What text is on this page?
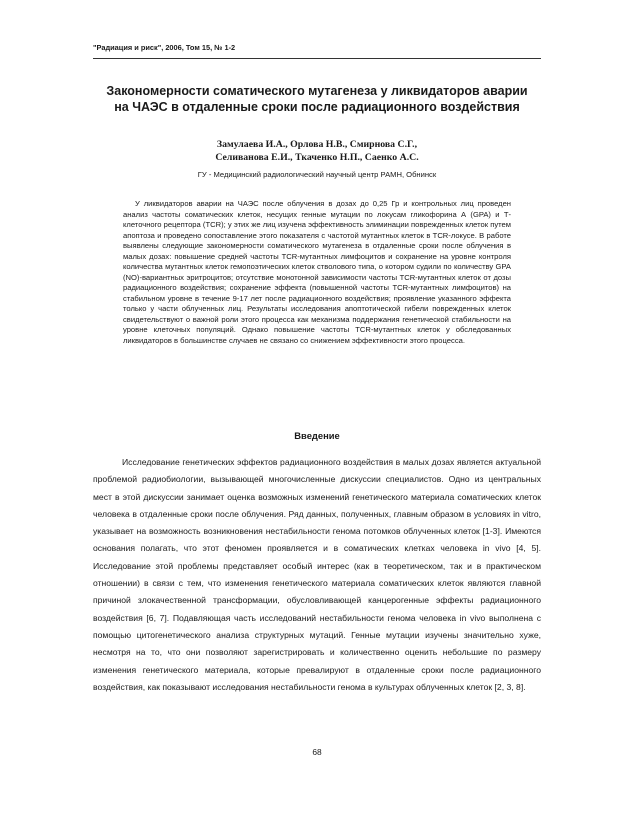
"Радиация и риск", 2006, Том 15, № 1-2
Закономерности соматического мутагенеза у ликвидаторов аварии
на ЧАЭС в отдаленные сроки после радиационного воздействия
Замулаева И.А., Орлова Н.В., Смирнова С.Г.,
Селиванова Е.И., Ткаченко Н.П., Саенко А.С.
ГУ - Медицинский радиологический научный центр РАМН, Обнинск

У ликвидаторов аварии на ЧАЭС после облучения в дозах до 0,25 Гр и контрольных лиц проведен анализ частоты соматических клеток, несущих генные мутации по локусам гликофорина А (GPA) и Т-клеточного рецептора (TCR); у этих же лиц изучена эффективность элиминации поврежденных клеток путем апоптоза и проведено сопоставление этого показателя с частотой мутантных клеток в TCR-локусе. В работе выявлены следующие закономерности соматического мутагенеза в отдаленные сроки после облучения в малых дозах: повышение средней частоты TCR-мутантных лимфоцитов и сохранение на уровне контроля количества мутантных клеток гемопоэтических клеток стволового типа, о котором судили по количеству GPA (NO)-вариантных эритроцитов; отсутствие монотонной зависимости частоты TCR-мутантных клеток от дозы радиационного воздействия; сохранение эффекта (повышенной частоты TCR-мутантных лимфоцитов) на стабильном уровне в течение 9-17 лет после радиационного воздействия; проявление указанного эффекта только у части облученных лиц. Результаты исследования апоптотической гибели поврежденных клеток свидетельствуют о важной роли этого процесса как механизма поддержания генетической стабильности на уровне клеточных популяций. Однако повышение частоты TCR-мутантных клеток у обследованных ликвидаторов в большинстве случаев не связано со снижением эффективности этого процесса.

Введение

Исследование генетических эффектов радиационного воздействия в малых дозах является актуальной проблемой радиобиологии, вызывающей многочисленные дискуссии специалистов. Одно из центральных мест в этой дискуссии занимает оценка возможных изменений генетического материала соматических клеток человека в отдаленные сроки после облучения. Ряд данных, полученных, главным образом в условиях in vitro, указывает на возможность возникновения нестабильности генома потомков облученных клеток [1-3]. Имеются основания полагать, что этот феномен проявляется и в соматических клетках человека in vivo [4, 5]. Исследование этой проблемы представляет особый интерес (как в теоретическом, так и в практическом отношении) в связи с тем, что изменения генетического материала соматических клеток являются главной причиной злокачественной трансформации, обусловливающей канцерогенные эффекты радиационного воздействия [6, 7]. Подавляющая часть исследований нестабильности генома человека in vivo выполнена с помощью цитогенетического анализа структурных мутаций. Генные мутации изучены значительно хуже, несмотря на то, что они позволяют зарегистрировать и количественно оценить небольшие по размеру изменения генетического материала, которые превалируют в отдаленные сроки после радиационного воздействия, как показывают исследования нестабильности генома в культурах облученных клеток [2, 3, 8].

68
